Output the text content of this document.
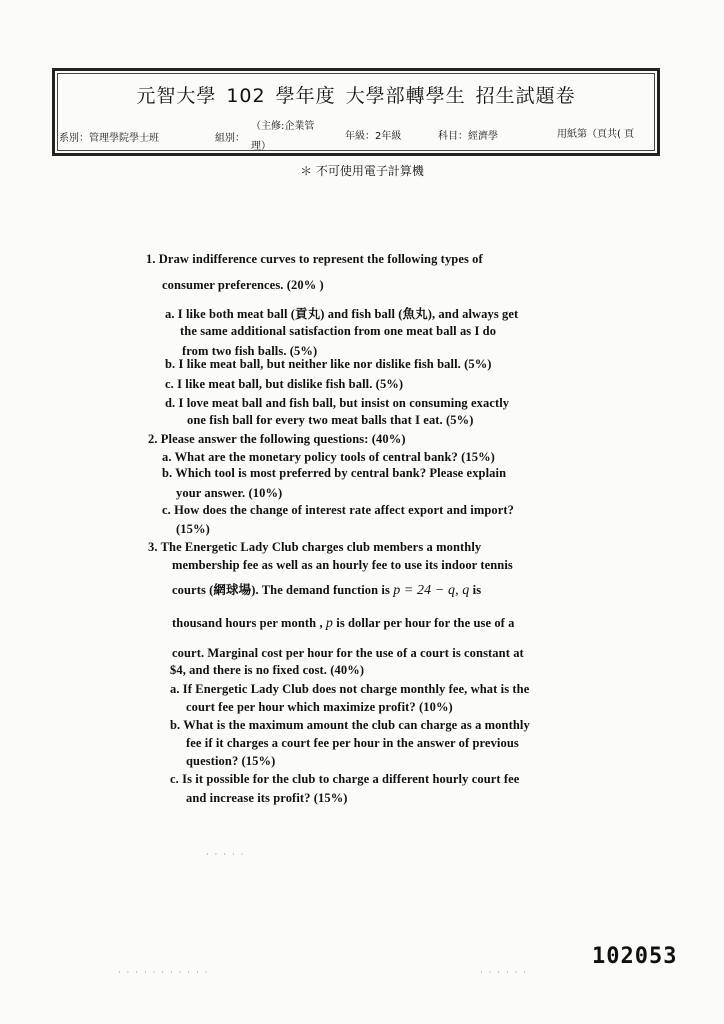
元智大學 102 學年度 大學部轉學生 招生試題卷
系別：管理學院學士班	組別：
（主修:企業管
理）
年級：2年級	科目：經濟學	用紙第（頁共( 頁
＊ 不可使用電子計算機
1. Draw indifference curves to represent the following types of
consumer preferences. (20% )
a. I like both meat ball (貢丸) and fish ball (魚丸), and always get
the same additional satisfaction from one meat ball as I do
from two fish balls. (5%)
b. I like meat ball, but neither like nor dislike fish ball. (5%)
c. I like meat ball, but dislike fish ball. (5%)
d. I love meat ball and fish ball, but insist on consuming exactly
one fish ball for every two meat balls that I eat. (5%)
2. Please answer the following questions: (40%)
a. What are the monetary policy tools of central bank? (15%)
b. Which tool is most preferred by central bank? Please explain
your answer. (10%)
c. How does the change of interest rate affect export and import?
(15%)
3. The Energetic Lady Club charges club members a monthly
membership fee as well as an hourly fee to use its indoor tennis
courts (網球場). The demand function is p = 24 − q, q is
thousand hours per month , p is dollar per hour for the use of a
court. Marginal cost per hour for the use of a court is constant at
$4, and there is no fixed cost. (40%)
a. If Energetic Lady Club does not charge monthly fee, what is the
court fee per hour which maximize profit? (10%)
b. What is the maximum amount the club can charge as a monthly
fee if it charges a court fee per hour in the answer of previous
question? (15%)
c. Is it possible for the club to charge a different hourly court fee
and increase its profit? (15%)
· · · · ·
· · · · · · · · · · ·	· · · · · ·
102053
